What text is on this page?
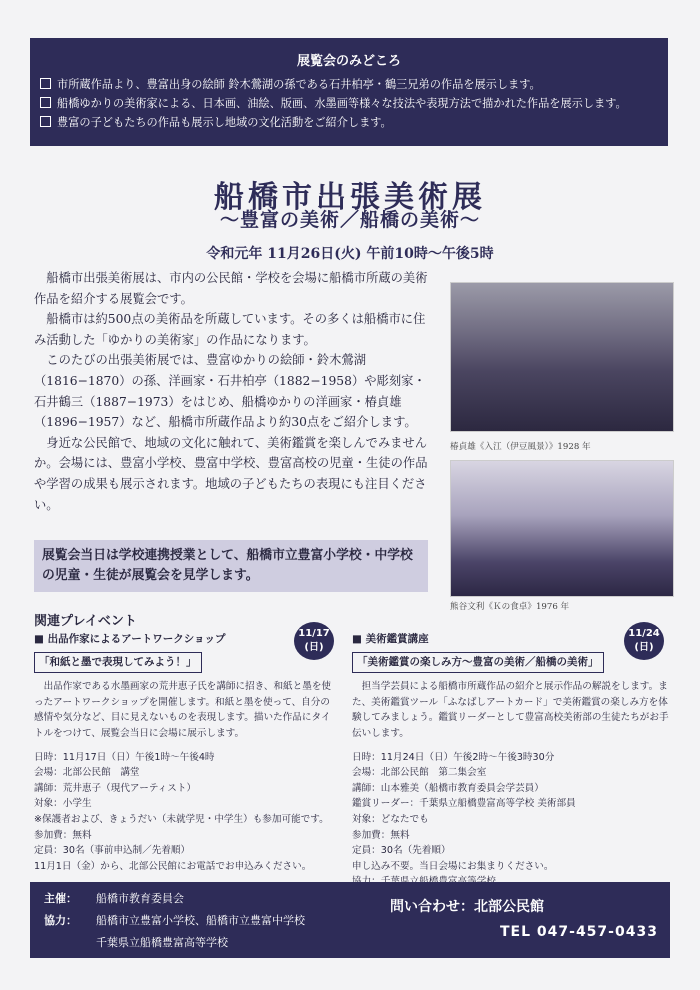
展覧会のみどころ
市所蔵作品より、豊富出身の絵師 鈴木鶯湖の孫である石井柏亭・鶴三兄弟の作品を展示します。
船橋ゆかりの美術家による、日本画、油絵、版画、水墨画等様々な技法や表現方法で描かれた作品を展示します。
豊富の子どもたちの作品も展示し地域の文化活動をご紹介します。
船橋市出張美術展
〜豊富の美術／船橋の美術〜
令和元年 11月26日(火) 午前10時〜午後5時

船橋市出張美術展は、市内の公民館・学校を会場に船橋市所蔵の美術作品を紹介する展覧会です。

船橋市は約500点の美術品を所蔵しています。その多くは船橋市に住み活動した「ゆかりの美術家」の作品になります。

このたびの出張美術展では、豊富ゆかりの絵師・鈴木鶯湖（1816−1870）の孫、洋画家・石井柏亭（1882−1958）や彫刻家・石井鶴三（1887−1973）をはじめ、船橋ゆかりの洋画家・椿貞雄（1896−1957）など、船橋市所蔵作品より約30点をご紹介します。

身近な公民館で、地域の文化に触れて、美術鑑賞を楽しんでみませんか。会場には、豊富小学校、豊富中学校、豊富高校の児童・生徒の作品や学習の成果も展示されます。地域の子どもたちの表現にも注目ください。

展覧会当日は学校連携授業として、船橋市立豊富小学校・中学校の児童・生徒が展覧会を見学します。
椿貞雄《入江（伊豆風景）》1928 年
熊谷文利《Ｋの食卓》1976 年
関連プレイベント
11/17
(日)
■ 出品作家によるアートワークショップ
「和紙と墨で表現してみよう！」
出品作家である水墨画家の荒井恵子氏を講師に招き、和紙と墨を使ったアートワークショップを開催します。和紙と墨を使って、自分の感情や気分など、目に見えないものを表現します。描いた作品にタイトルをつけて、展覧会当日に会場に展示します。
日時：11月17日（日）午後1時〜午後4時
会場：北部公民館　講堂
講師：荒井恵子（現代アーティスト）
対象：小学生
※保護者および、きょうだい（未就学児・中学生）も参加可能です。
参加費：無料
定員：30名（事前申込制／先着順）
11月1日（金）から、北部公民館にお電話でお申込みください。
11/24
(日)
■ 美術鑑賞講座
「美術鑑賞の楽しみ方〜豊富の美術／船橋の美術」
担当学芸員による船橋市所蔵作品の紹介と展示作品の解説をします。また、美術鑑賞ツール「ふなばしアートカード」で美術鑑賞の楽しみ方を体験してみましょう。鑑賞リーダーとして豊富高校美術部の生徒たちがお手伝いします。
日時：11月24日（日）午後2時〜午後3時30分
会場：北部公民館　第二集会室
講師：山本雅美（船橋市教育委員会学芸員）
鑑賞リーダー：千葉県立船橋豊富高等学校 美術部員
対象：どなたでも
参加費：無料
定員：30名（先着順）
申し込み不要。当日会場にお集まりください。
主催： 船橋市教育委員会
協力： 船橋市立豊富小学校、船橋市立豊富中学校
千葉県立船橋豊富高等学校
問い合わせ：北部公民館
TEL 047-457-0433
